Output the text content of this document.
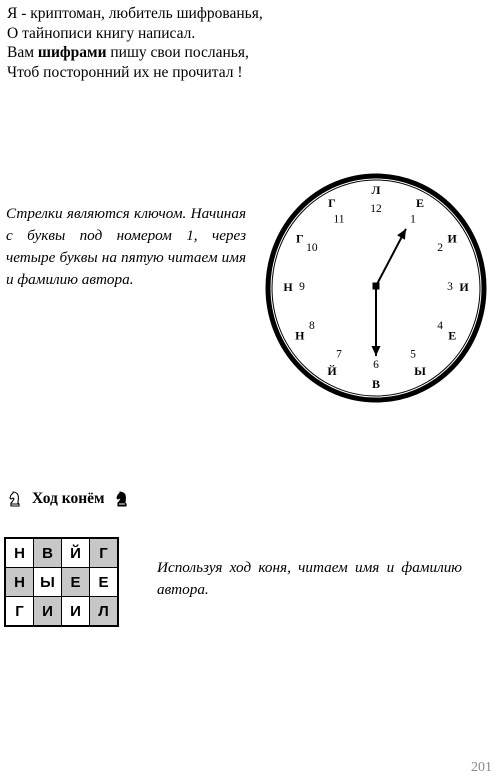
Я - криптоман, любитель шифрованья,
О тайнописи книгу написал.
Вам шифрами пишу свои посланья,
Чтоб посторонний их не прочитал !
Стрелки являются ключом. Начиная с буквы под номером 1, через четыре буквы на пятую читаем имя и фамилию автора.
12
Л
1
Е
2
И
3 И
4
Е
5
Ы
6
В
7
Й
8
Н
9
Н
10
Г
11
Г
Ход конём
Н	В	Й	Г
Н	Ы	Е	Е
Г	И	И	Л
Используя ход коня, читаем имя и фамилию автора.
201
